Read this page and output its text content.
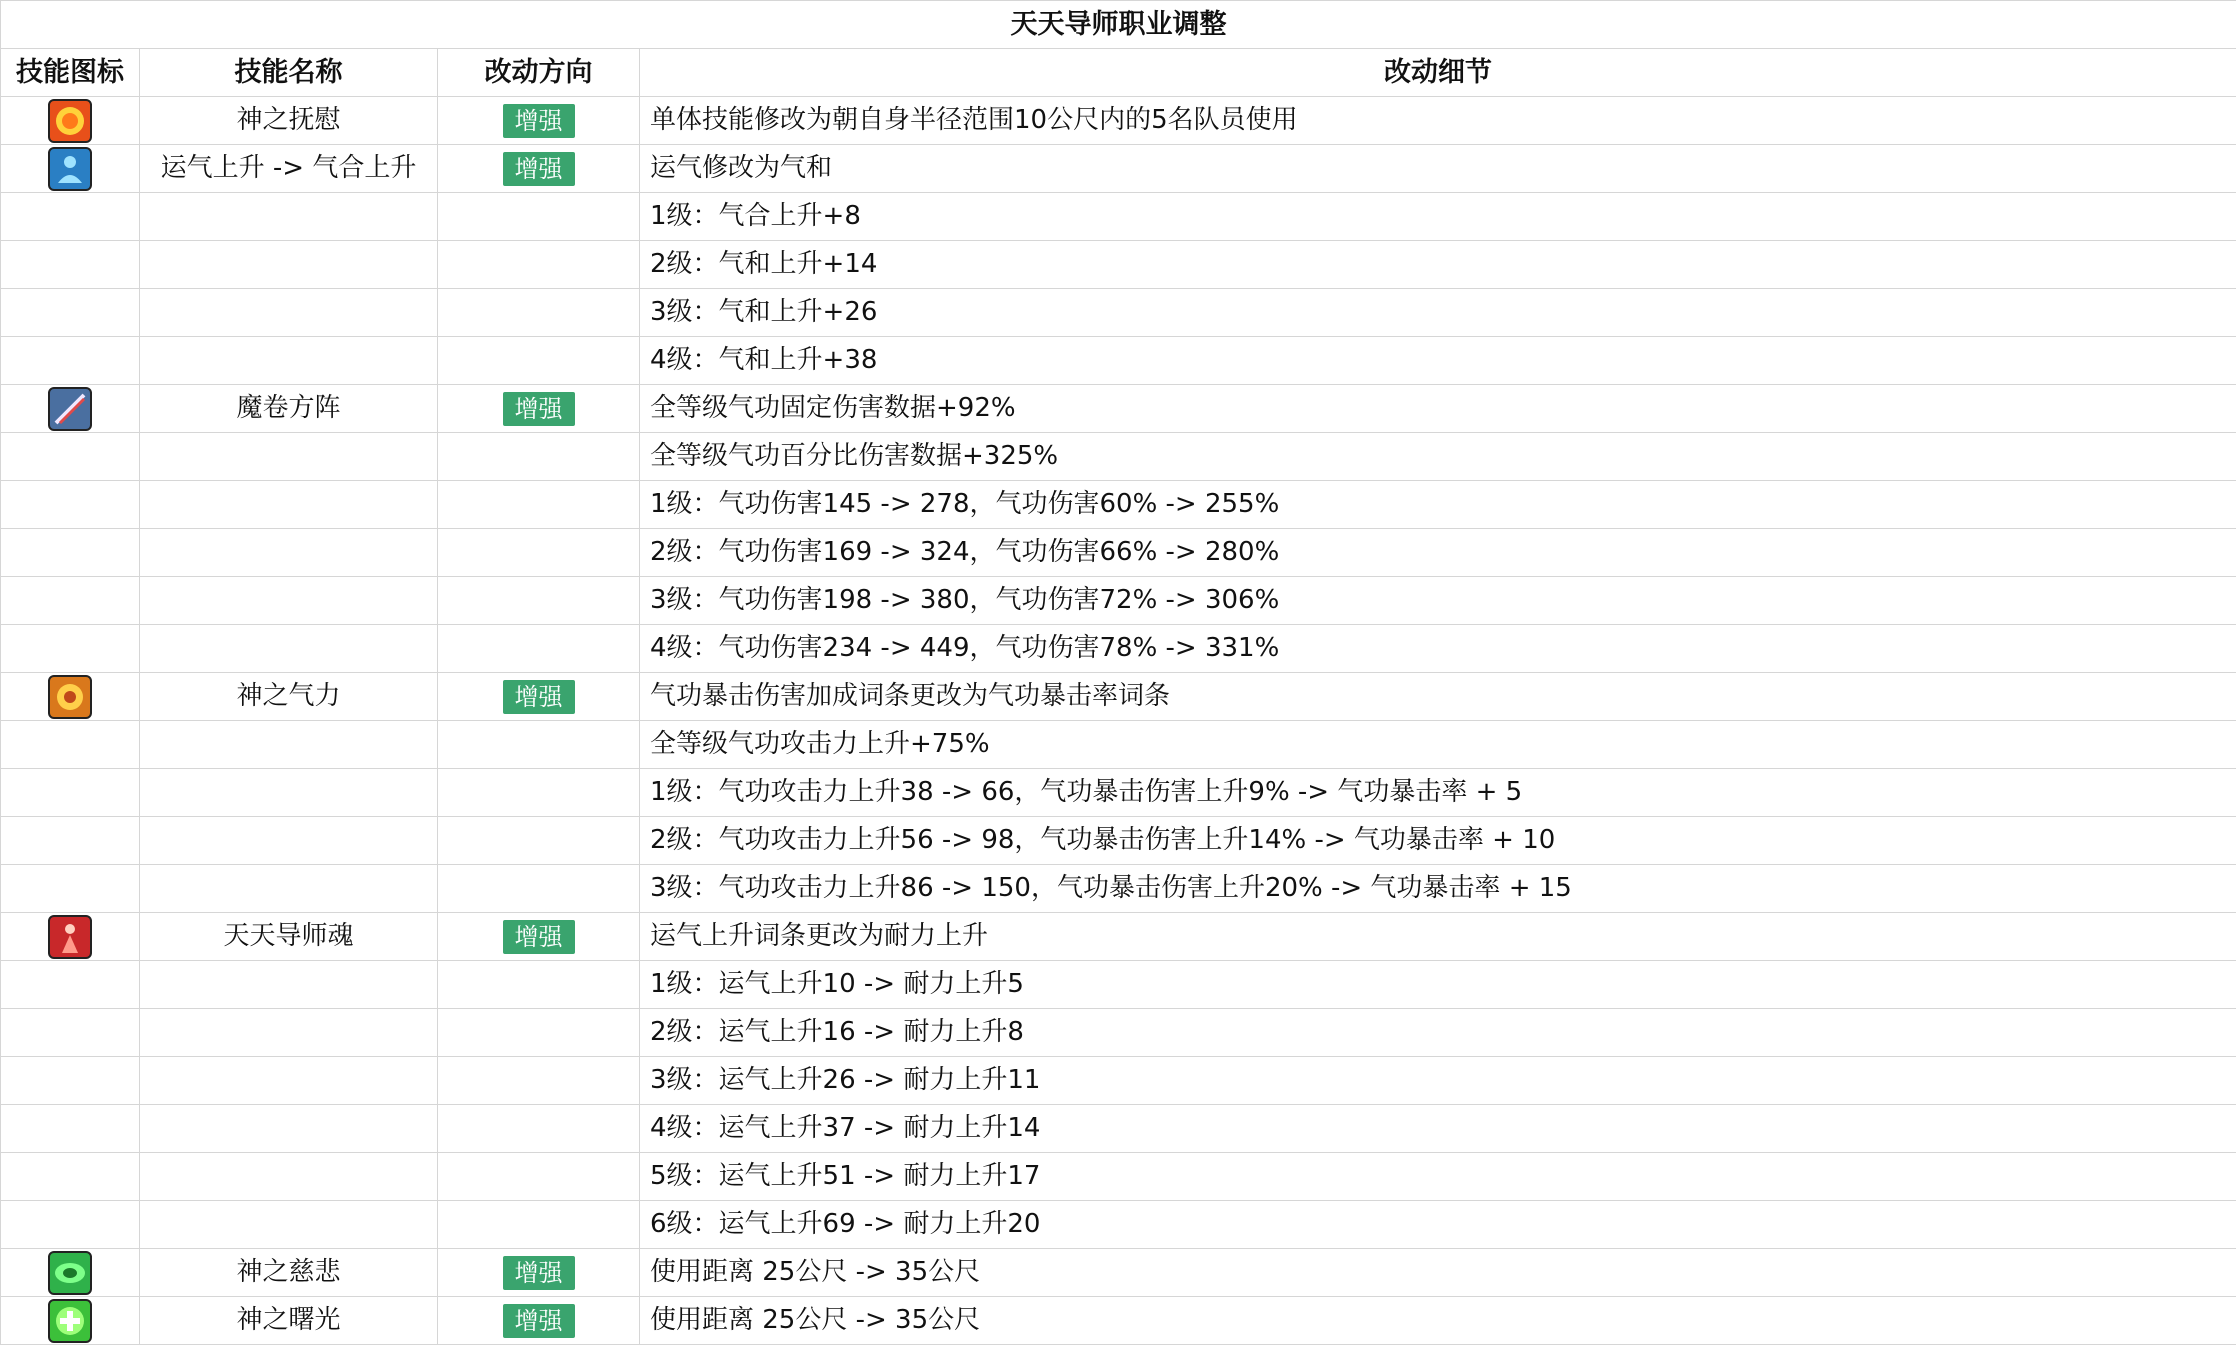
天天导师职业调整			
技能图标	技能名称	改动方向	改动细节

	神之抚慰	增强	单体技能修改为朝自身半径范围10公尺内的5名队员使用

	运气上升 -> 气合上升	增强	运气修改为气和
			1级：气合上升+8
			2级：气和上升+14
			3级：气和上升+26
			4级：气和上升+38

	魔卷方阵	增强	全等级气功固定伤害数据+92%
			全等级气功百分比伤害数据+325%
			1级：气功伤害145 -> 278，气功伤害60% -> 255%
			2级：气功伤害169 -> 324，气功伤害66% -> 280%
			3级：气功伤害198 -> 380，气功伤害72% -> 306%
			4级：气功伤害234 -> 449，气功伤害78% -> 331%

	神之气力	增强	气功暴击伤害加成词条更改为气功暴击率词条
			全等级气功攻击力上升+75%
			1级：气功攻击力上升38 -> 66，气功暴击伤害上升9% -> 气功暴击率 + 5
			2级：气功攻击力上升56 -> 98，气功暴击伤害上升14% -> 气功暴击率 + 10
			3级：气功攻击力上升86 -> 150，气功暴击伤害上升20% -> 气功暴击率 + 15

	天天导师魂	增强	运气上升词条更改为耐力上升
			1级：运气上升10 -> 耐力上升5
			2级：运气上升16 -> 耐力上升8
			3级：运气上升26 -> 耐力上升11
			4级：运气上升37 -> 耐力上升14
			5级：运气上升51 -> 耐力上升17
			6级：运气上升69 -> 耐力上升20

	神之慈悲	增强	使用距离 25公尺 -> 35公尺

	神之曙光	增强	使用距离 25公尺 -> 35公尺
